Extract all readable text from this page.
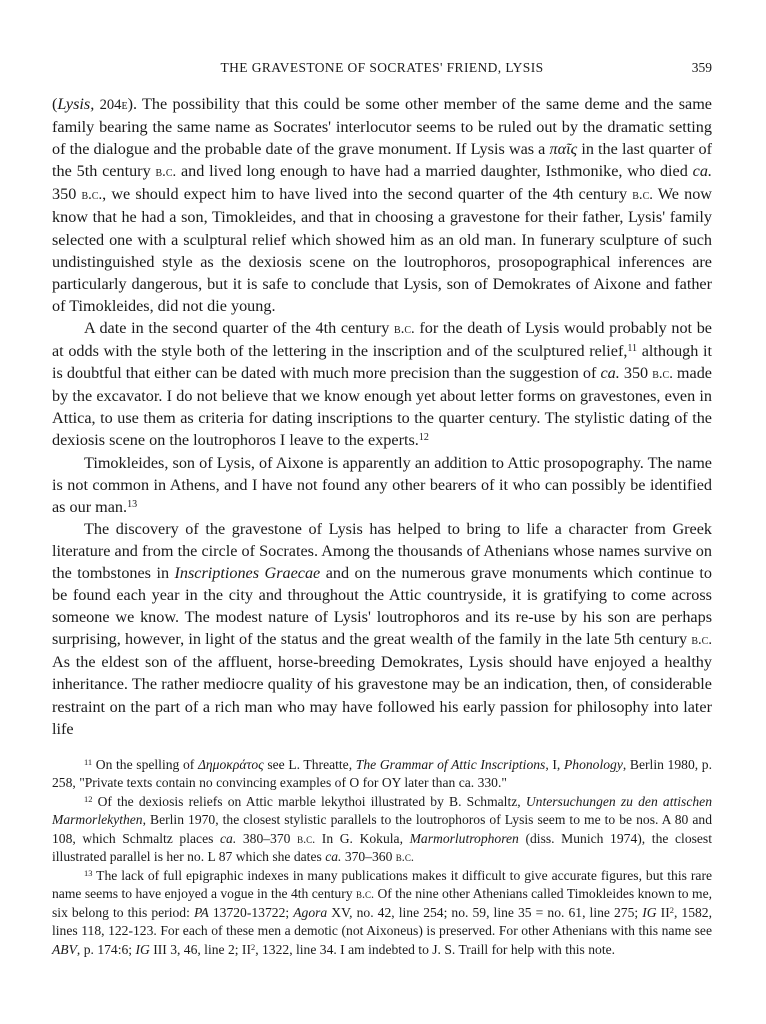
THE GRAVESTONE OF SOCRATES' FRIEND, LYSIS	359

(Lysis, 204e). The possibility that this could be some other member of the same deme and the same family bearing the same name as Socrates' interlocutor seems to be ruled out by the dramatic setting of the dialogue and the probable date of the grave monument. If Lysis was a παῖς in the last quarter of the 5th century b.c. and lived long enough to have had a married daughter, Isthmonike, who died ca. 350 b.c., we should expect him to have lived into the second quarter of the 4th century b.c. We now know that he had a son, Timokleides, and that in choosing a gravestone for their father, Lysis' family selected one with a sculptural relief which showed him as an old man. In funerary sculpture of such undistinguished style as the dexiosis scene on the loutrophoros, prosopographical inferences are particularly dangerous, but it is safe to conclude that Lysis, son of Demokrates of Aixone and father of Timokleides, did not die young.

A date in the second quarter of the 4th century b.c. for the death of Lysis would probably not be at odds with the style both of the lettering in the inscription and of the sculptured relief,$^{11}$ although it is doubtful that either can be dated with much more precision than the suggestion of ca. 350 b.c. made by the excavator. I do not believe that we know enough yet about letter forms on gravestones, even in Attica, to use them as criteria for dating inscriptions to the quarter century. The stylistic dating of the dexiosis scene on the loutrophoros I leave to the experts.$^{12}$

Timokleides, son of Lysis, of Aixone is apparently an addition to Attic prosopography. The name is not common in Athens, and I have not found any other bearers of it who can possibly be identified as our man.$^{13}$

The discovery of the gravestone of Lysis has helped to bring to life a character from Greek literature and from the circle of Socrates. Among the thousands of Athenians whose names survive on the tombstones in Inscriptiones Graecae and on the numerous grave monuments which continue to be found each year in the city and throughout the Attic countryside, it is gratifying to come across someone we know. The modest nature of Lysis' loutrophoros and its re-use by his son are perhaps surprising, however, in light of the status and the great wealth of the family in the late 5th century b.c. As the eldest son of the affluent, horse-breeding Demokrates, Lysis should have enjoyed a healthy inheritance. The rather mediocre quality of his gravestone may be an indication, then, of considerable restraint on the part of a rich man who may have followed his early passion for philosophy into later life

$^{11}$ On the spelling of Δημοκράτος see L. Threatte, The Grammar of Attic Inscriptions, I, Phonology, Berlin 1980, p. 258, "Private texts contain no convincing examples of O for OY later than ca. 330."

$^{12}$ Of the dexiosis reliefs on Attic marble lekythoi illustrated by B. Schmaltz, Untersuchungen zu den attischen Marmorlekythen, Berlin 1970, the closest stylistic parallels to the loutrophoros of Lysis seem to me to be nos. A 80 and 108, which Schmaltz places ca. 380–370 b.c. In G. Kokula, Marmorlutrophoren (diss. Munich 1974), the closest illustrated parallel is her no. L 87 which she dates ca. 370–360 b.c.

$^{13}$ The lack of full epigraphic indexes in many publications makes it difficult to give accurate figures, but this rare name seems to have enjoyed a vogue in the 4th century b.c. Of the nine other Athenians called Timokleides known to me, six belong to this period: PA 13720-13722; Agora XV, no. 42, line 254; no. 59, line 35 = no. 61, line 275; IG $II^2$, 1582, lines 118, 122-123. For each of these men a demotic (not Aixoneus) is preserved. For other Athenians with this name see ABV, p. 174:6; IG III 3, 46, line 2; $II^2$, 1322, line 34. I am indebted to J. S. Traill for help with this note.
